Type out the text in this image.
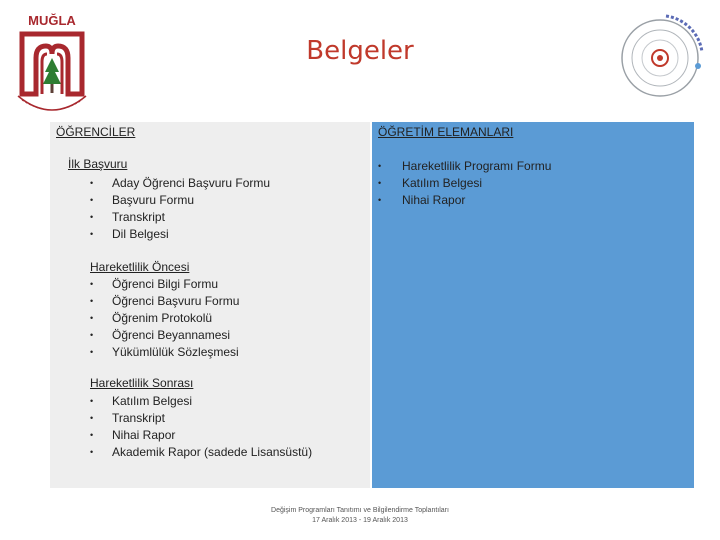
MUĞLA
Belgeler
ÖĞRENCİLER
İlk Başvuru
• Aday Öğrenci Başvuru Formu
• Başvuru Formu
• Transkript
• Dil Belgesi
Hareketlilik Öncesi
• Öğrenci Bilgi Formu
• Öğrenci Başvuru Formu
• Öğrenim Protokolü
• Öğrenci Beyannamesi
• Yükümlülük Sözleşmesi
Hareketlilik Sonrası
• Katılım Belgesi
• Transkript
• Nihai Rapor
• Akademik Rapor (sadede Lisansüstü)
ÖĞRETİM ELEMANLARI
• Hareketlilik Programı Formu
• Katılım Belgesi
• Nihai Rapor
Değişim Programları Tanıtımı ve Bilgilendirme Toplantıları
17 Aralık 2013 - 19 Aralık 2013
